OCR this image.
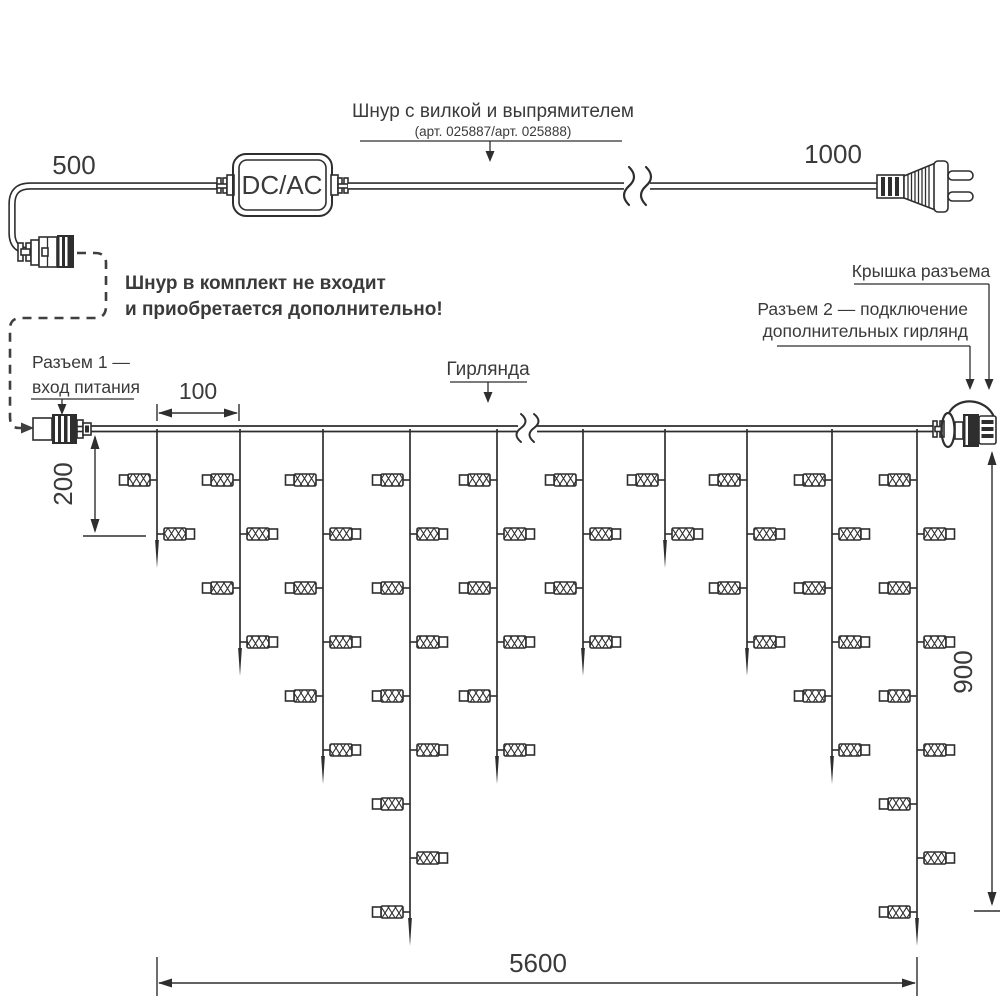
DC/AC
500	1000
Шнур с вилкой и выпрямителем
(арт. 025887/арт. 025888)
Шнур в комплект не входит
и приобретается дополнительно!
Разъем 1 —
вход питания
Гирлянда
Крышка разъема
Разъем 2 — подключение
дополнительных гирлянд
100
200
900
5600
